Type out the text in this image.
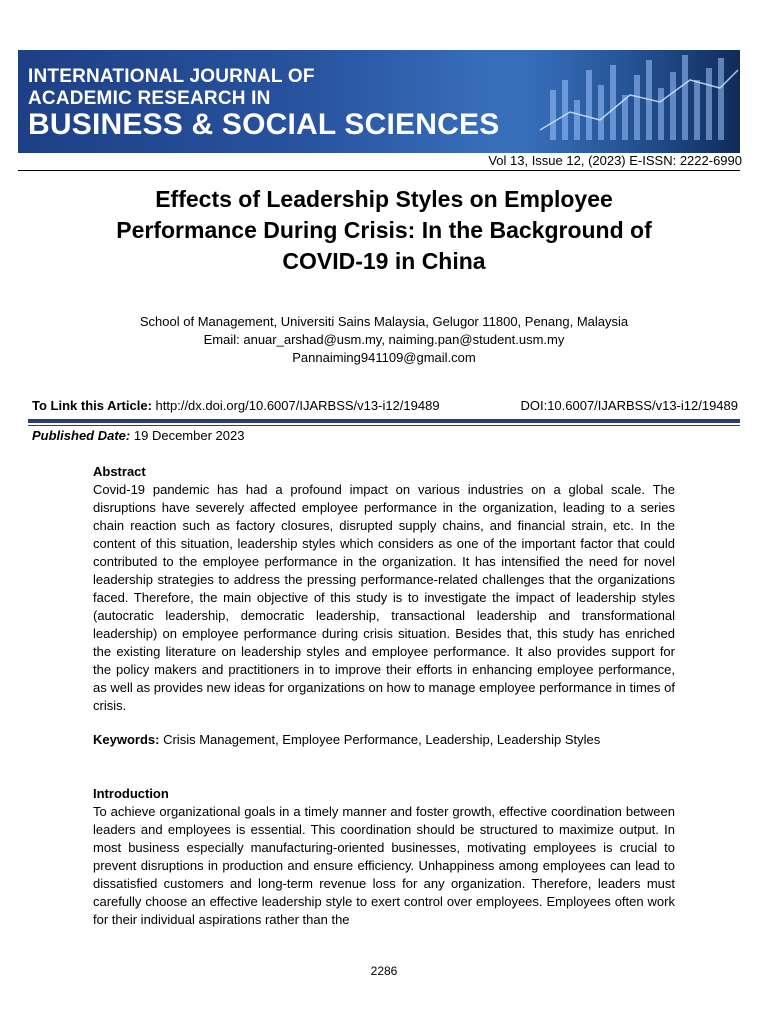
INTERNATIONAL JOURNAL OF
ACADEMIC RESEARCH IN
BUSINESS & SOCIAL SCIENCES
Vol 13, Issue 12, (2023) E-ISSN: 2222-6990
Effects of Leadership Styles on Employee Performance During Crisis: In the Background of COVID-19 in China
School of Management, Universiti Sains Malaysia, Gelugor 11800, Penang, Malaysia
Email: anuar_arshad@usm.my, naiming.pan@student.usm.my
Pannaiming941109@gmail.com
To Link this Article: http://dx.doi.org/10.6007/IJARBSS/v13-i12/19489	DOI:10.6007/IJARBSS/v13-i12/19489
Published Date: 19 December 2023
Abstract
Covid-19 pandemic has had a profound impact on various industries on a global scale. The disruptions have severely affected employee performance in the organization, leading to a series chain reaction such as factory closures, disrupted supply chains, and financial strain, etc. In the content of this situation, leadership styles which considers as one of the important factor that could contributed to the employee performance in the organization. It has intensified the need for novel leadership strategies to address the pressing performance-related challenges that the organizations faced. Therefore, the main objective of this study is to investigate the impact of leadership styles (autocratic leadership, democratic leadership, transactional leadership and transformational leadership) on employee performance during crisis situation. Besides that, this study has enriched the existing literature on leadership styles and employee performance. It also provides support for the policy makers and practitioners in to improve their efforts in enhancing employee performance, as well as provides new ideas for organizations on how to manage employee performance in times of crisis.
Keywords: Crisis Management, Employee Performance, Leadership, Leadership Styles
Introduction
To achieve organizational goals in a timely manner and foster growth, effective coordination between leaders and employees is essential. This coordination should be structured to maximize output. In most business especially manufacturing-oriented businesses, motivating employees is crucial to prevent disruptions in production and ensure efficiency. Unhappiness among employees can lead to dissatisfied customers and long-term revenue loss for any organization. Therefore, leaders must carefully choose an effective leadership style to exert control over employees. Employees often work for their individual aspirations rather than the
2286
